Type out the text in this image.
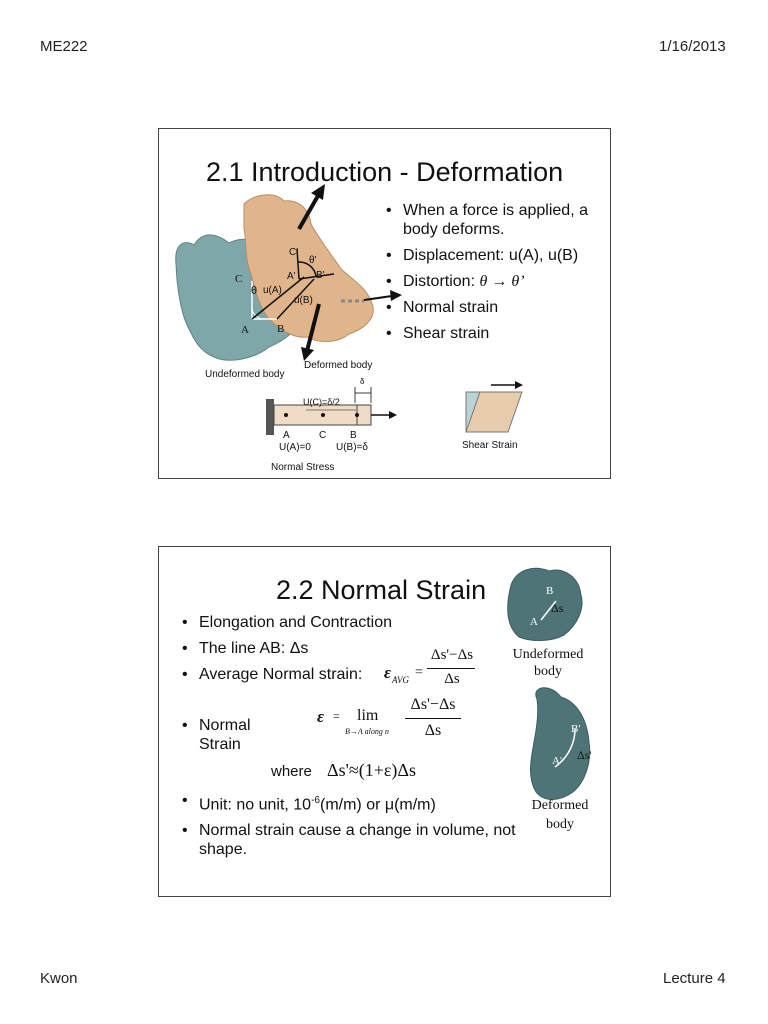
ME222	1/16/2013
2.1 Introduction - Deformation
C
θ u(A)
A	B
u(B)
C'
A' B'
θ'
Undeformed body
Deformed body
U(C)=δ/2
δ
A	C B
U(A)=0	U(B)=δ
Normal Stress
Shear Strain
• When a force is applied, a body deforms.
• Displacement: u(A), u(B)
• Distortion: θ → θ’
• Normal strain
• Shear strain
2.2 Normal Strain	B
A
Δs
B'
A' Δs'
Undeformed body
Deformed body
• Elongation and Contraction
• The line AB: Δs
• Average Normal strain:	ε AVG =
Δs'−Δs
Δs
• Normal Strain
ε = lim
B→A along n
Δs'−Δs
Δs
where Δs'≈(1+ε)Δs
• Unit: no unit, $10^{-6}(m/m)$ or μ(m/m)
• Normal strain cause a change in volume, not shape.
Kwon	Lecture 4
